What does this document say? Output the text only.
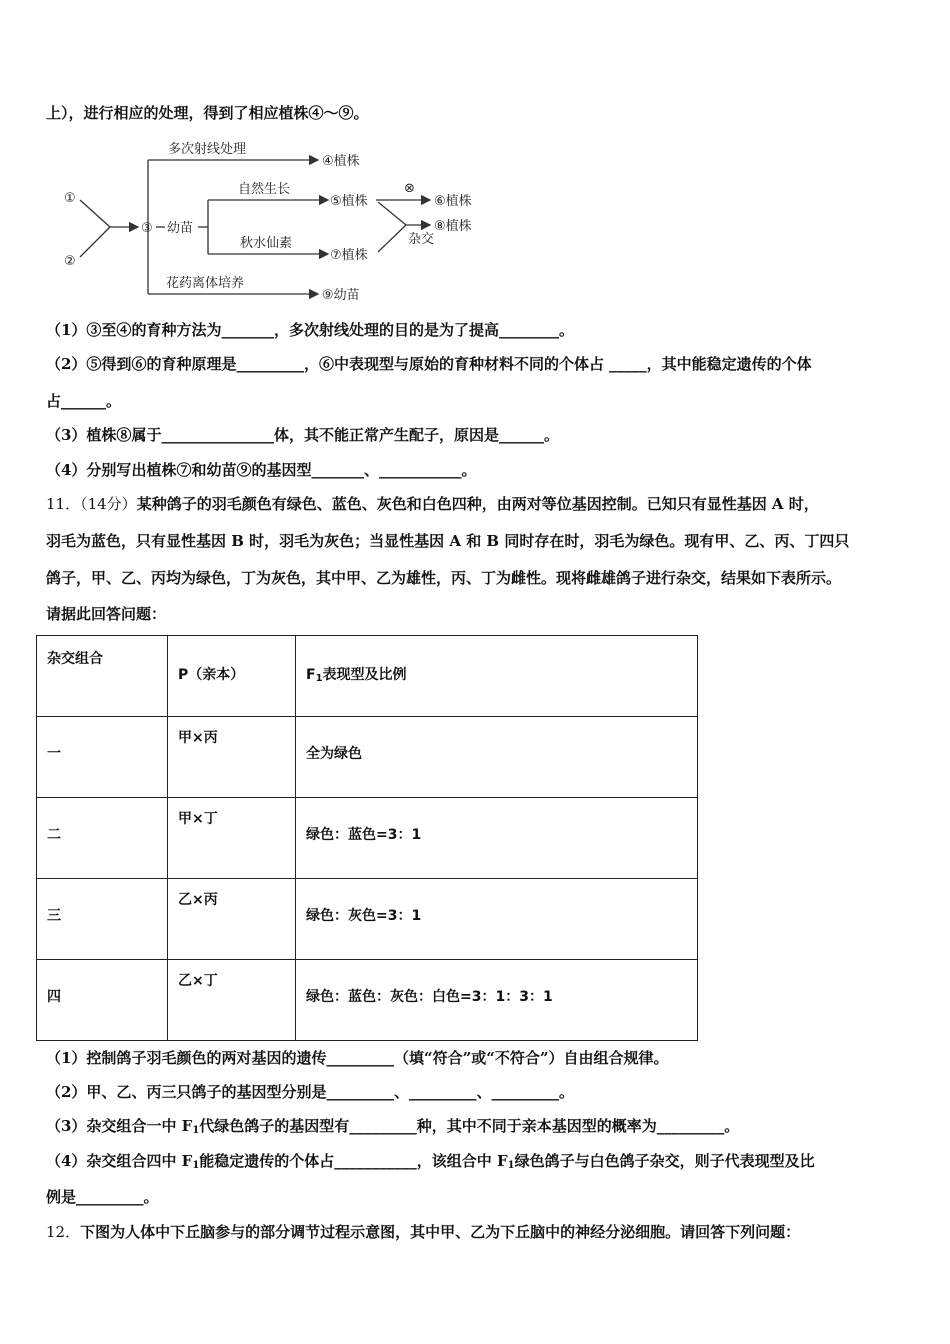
上），进行相应的处理，得到了相应植株④～⑨。
①
②
③ 幼苗
多次射线处理
④植株
自然生长
⑤植株
⊗
⑥植株
⑧植株
杂交
秋水仙素
⑦植株
花药离体培养
⑨幼苗
（1）③至④的育种方法为_______，多次射线处理的目的是为了提高________。
（2）⑤得到⑥的育种原理是_________，⑥中表现型与原始的育种材料不同的个体占 _____，其中能稳定遗传的个体
占______。
（3）植株⑧属于_______________体，其不能正常产生配子，原因是______。
（4）分别写出植株⑦和幼苗⑨的基因型_______、___________。
11．（14分）某种鸽子的羽毛颜色有绿色、蓝色、灰色和白色四种，由两对等位基因控制。已知只有显性基因 A 时，
羽毛为蓝色，只有显性基因 B 时，羽毛为灰色；当显性基因 A 和 B 同时存在时，羽毛为绿色。现有甲、乙、丙、丁四只
鸽子，甲、乙、丙均为绿色，丁为灰色，其中甲、乙为雄性，丙、丁为雌性。现将雌雄鸽子进行杂交，结果如下表所示。
请据此回答问题：
杂交组合	P（亲本）	$F_1$表现型及比例

一	甲×丙	全为绿色

二	甲×丁	绿色：蓝色=3：1

三	乙×丙	绿色：灰色=3：1

四	乙×丁	绿色：蓝色：灰色：白色=3：1：3：1
（1）控制鸽子羽毛颜色的两对基因的遗传_________（填“符合”或“不符合”）自由组合规律。
（2）甲、乙、丙三只鸽子的基因型分别是_________、_________、_________。
（3）杂交组合一中 $F_1$代绿色鸽子的基因型有_________种，其中不同于亲本基因型的概率为_________。
（4）杂交组合四中 $F_1$能稳定遗传的个体占___________，该组合中 $F_1$绿色鸽子与白色鸽子杂交，则子代表现型及比
例是_________。
12．下图为人体中下丘脑参与的部分调节过程示意图，其中甲、乙为下丘脑中的神经分泌细胞。请回答下列问题：
